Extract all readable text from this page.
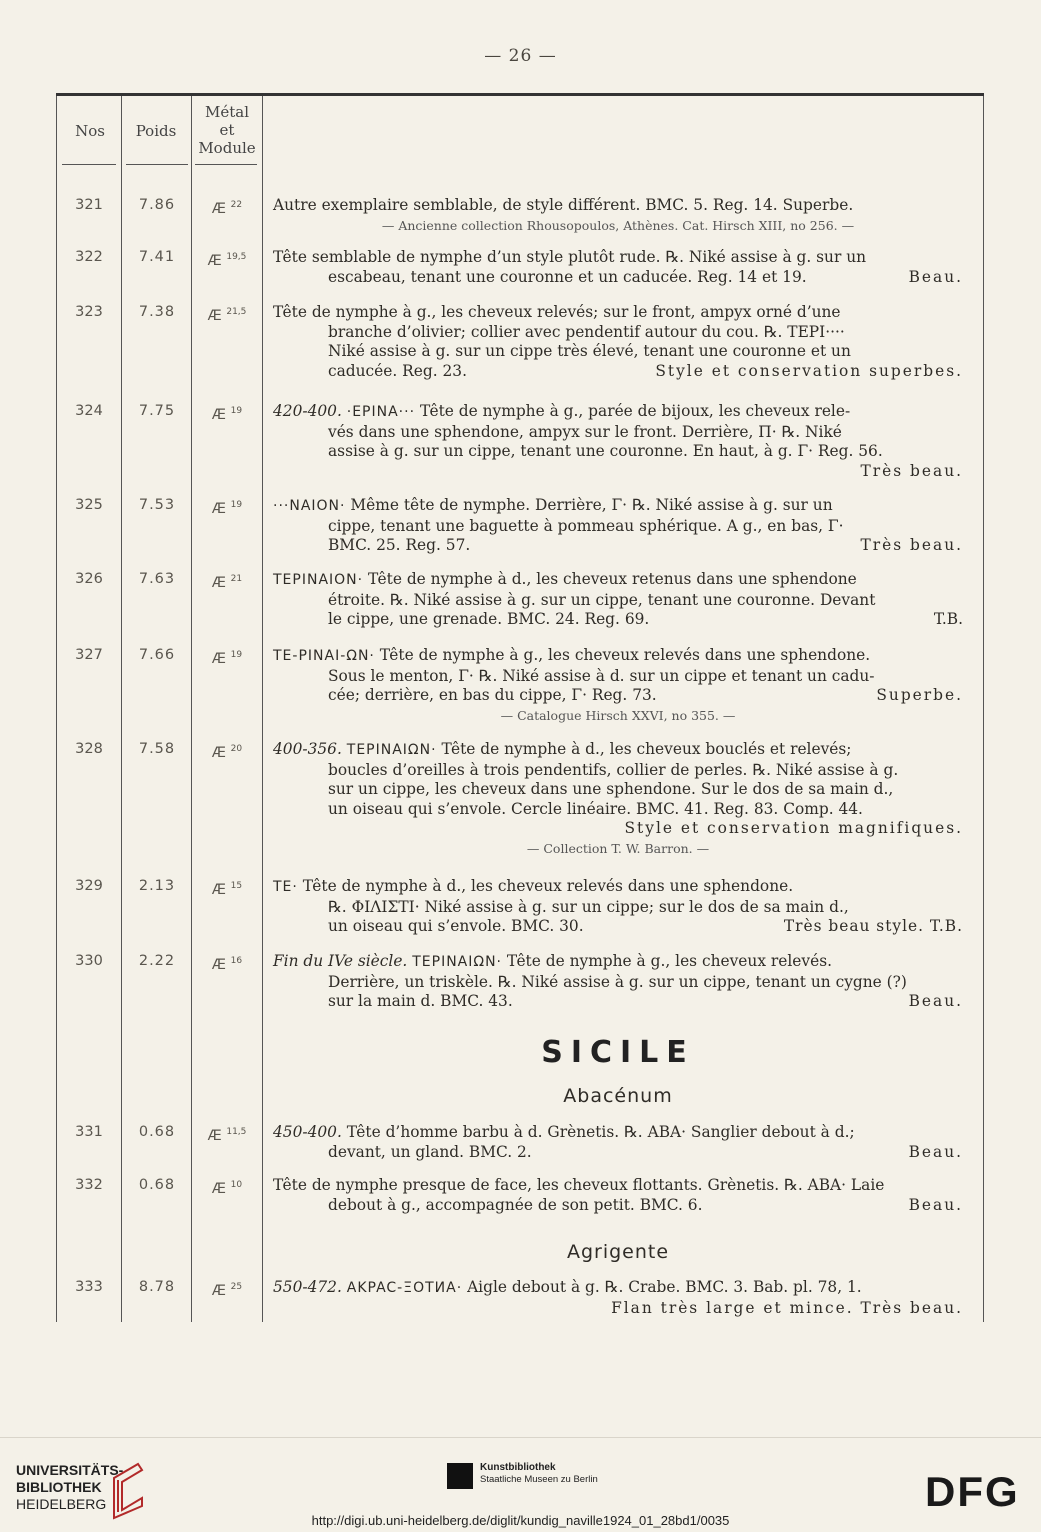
— 26 —
Nos	Poids
Métal
et
Module
321	7.86	Æ $^{22}$	Autre exemplaire semblable, de style différent. BMC. 5. Reg. 14. Superbe.
— Ancienne collection Rhousopoulos, Athènes. Cat. Hirsch XIII, no 256. —
322	7.41	Æ $^{19,5}$	Tête semblable de nymphe d’un style plutôt rude. ℞. Niké assise à g. sur un
escabeau, tenant une couronne et un caducée. Reg. 14 et 19.	Beau.
323	7.38	Æ $^{21,5}$	Tête de nymphe à g., les cheveux relevés; sur le front, ampyx orné d’une
branche d’olivier; collier avec pendentif autour du cou. ℞. TEPI····
Niké assise à g. sur un cippe très élevé, tenant une couronne et un
caducée. Reg. 23.	Style et conservation superbes.
324	7.75	Æ $^{19}$	420-400. ·EPINA··· Tête de nymphe à g., parée de bijoux, les cheveux rele-
vés dans une sphendone, ampyx sur le front. Derrière, Π· ℞. Niké
assise à g. sur un cippe, tenant une couronne. En haut, à g. Γ· Reg. 56.
Très beau.
325	7.53	Æ $^{19}$	···NAION· Même tête de nymphe. Derrière, Γ· ℞. Niké assise à g. sur un
cippe, tenant une baguette à pommeau sphérique. A g., en bas, Γ·
BMC. 25. Reg. 57.	Très beau.
326	7.63	Æ $^{21}$	TEPINAION· Tête de nymphe à d., les cheveux retenus dans une sphendone
étroite. ℞. Niké assise à g. sur un cippe, tenant une couronne. Devant
le cippe, une grenade. BMC. 24. Reg. 69.	T.B.
327	7.66	Æ $^{19}$	TE-PINAI-ΩN· Tête de nymphe à g., les cheveux relevés dans une sphendone.
Sous le menton, Γ· ℞. Niké assise à d. sur un cippe et tenant un cadu-
cée; derrière, en bas du cippe, Γ· Reg. 73.	Superbe.
— Catalogue Hirsch XXVI, no 355. —
328	7.58	Æ $^{20}$	400-356. TEPINAIΩN· Tête de nymphe à d., les cheveux bouclés et relevés;
boucles d’oreilles à trois pendentifs, collier de perles. ℞. Niké assise à g.
sur un cippe, les cheveux dans une sphendone. Sur le dos de sa main d.,
un oiseau qui s’envole. Cercle linéaire. BMC. 41. Reg. 83. Comp. 44.
Style et conservation magnifiques.
— Collection T. W. Barron. —
329	2.13	Æ $^{15}$	TE· Tête de nymphe à d., les cheveux relevés dans une sphendone.
℞. ΦΙΛΙΣΤΙ· Niké assise à g. sur un cippe; sur le dos de sa main d.,
un oiseau qui s’envole. BMC. 30.	Très beau style. T.B.
330	2.22	Æ $^{16}$	Fin du IVe siècle. TEPINAIΩN· Tête de nymphe à g., les cheveux relevés.
Derrière, un triskèle. ℞. Niké assise à g. sur un cippe, tenant un cygne (?)
sur la main d. BMC. 43.	Beau.
SICILE
Abacénum
331	0.68	Æ $^{11,5}$	450-400. Tête d’homme barbu à d. Grènetis. ℞. ABA· Sanglier debout à d.;
devant, un gland. BMC. 2.	Beau.
332	0.68	Æ $^{10}$	Tête de nymphe presque de face, les cheveux flottants. Grènetis. ℞. ABA· Laie
debout à g., accompagnée de son petit. BMC. 6.	Beau.
Agrigente
333	8.78	Æ $^{25}$	550-472. AKPAC-ΞOTИA· Aigle debout à g. ℞. Crabe. BMC. 3. Bab. pl. 78, 1.
Flan très large et mince. Très beau.
UNIVERSITÄTS-
BIBLIOTHEK
HEIDELBERG
Kunstbibliothek
Staatliche Museen zu Berlin	DFG
http://digi.ub.uni-heidelberg.de/diglit/kundig_naville1924_01_28bd1/0035
